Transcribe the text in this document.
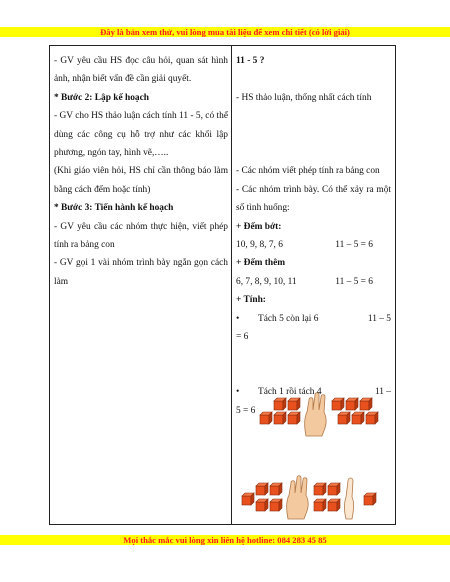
Đây là bản xem thử, vui lòng mua tài liệu để xem chi tiết (có lời giải)

- GV yêu cầu HS đọc câu hỏi, quan sát hình ảnh, nhận biết vấn đề cần giải quyết.

* Bước 2: Lập kế hoạch

- GV cho HS thảo luận cách tính 11 - 5, có thể dùng các công cụ hỗ trợ như các khối lập phương, ngón tay, hình vẽ,…..

(Khi giáo viên hỏi, HS chỉ cần thông báo làm bằng cách đếm hoặc tính)

* Bước 3: Tiến hành kế hoạch

- GV yêu cầu các nhóm thực hiện, viết phép tính ra bảng con

- GV gọi 1 vài nhóm trình bày ngắn gọn cách làm

11 - 5 ?

- HS thảo luận, thống nhất cách tính

- Các nhóm viết phép tính ra bảng con

- Các nhóm trình bày. Có thể xảy ra một số tình huống:

+ Đếm bớt:

10, 9, 8, 7, 6	11 – 5 = 6

+ Đếm thêm

6, 7, 8, 9, 10, 11	11 – 5 = 6

+ Tính:

•	Tách 5 còn lại 6	11 – 5

= 6

•	Tách 1 rồi tách 4	11 –

5 = 6

Mọi thắc mắc vui lòng xin liên hệ hotline: 084 283 45 85
